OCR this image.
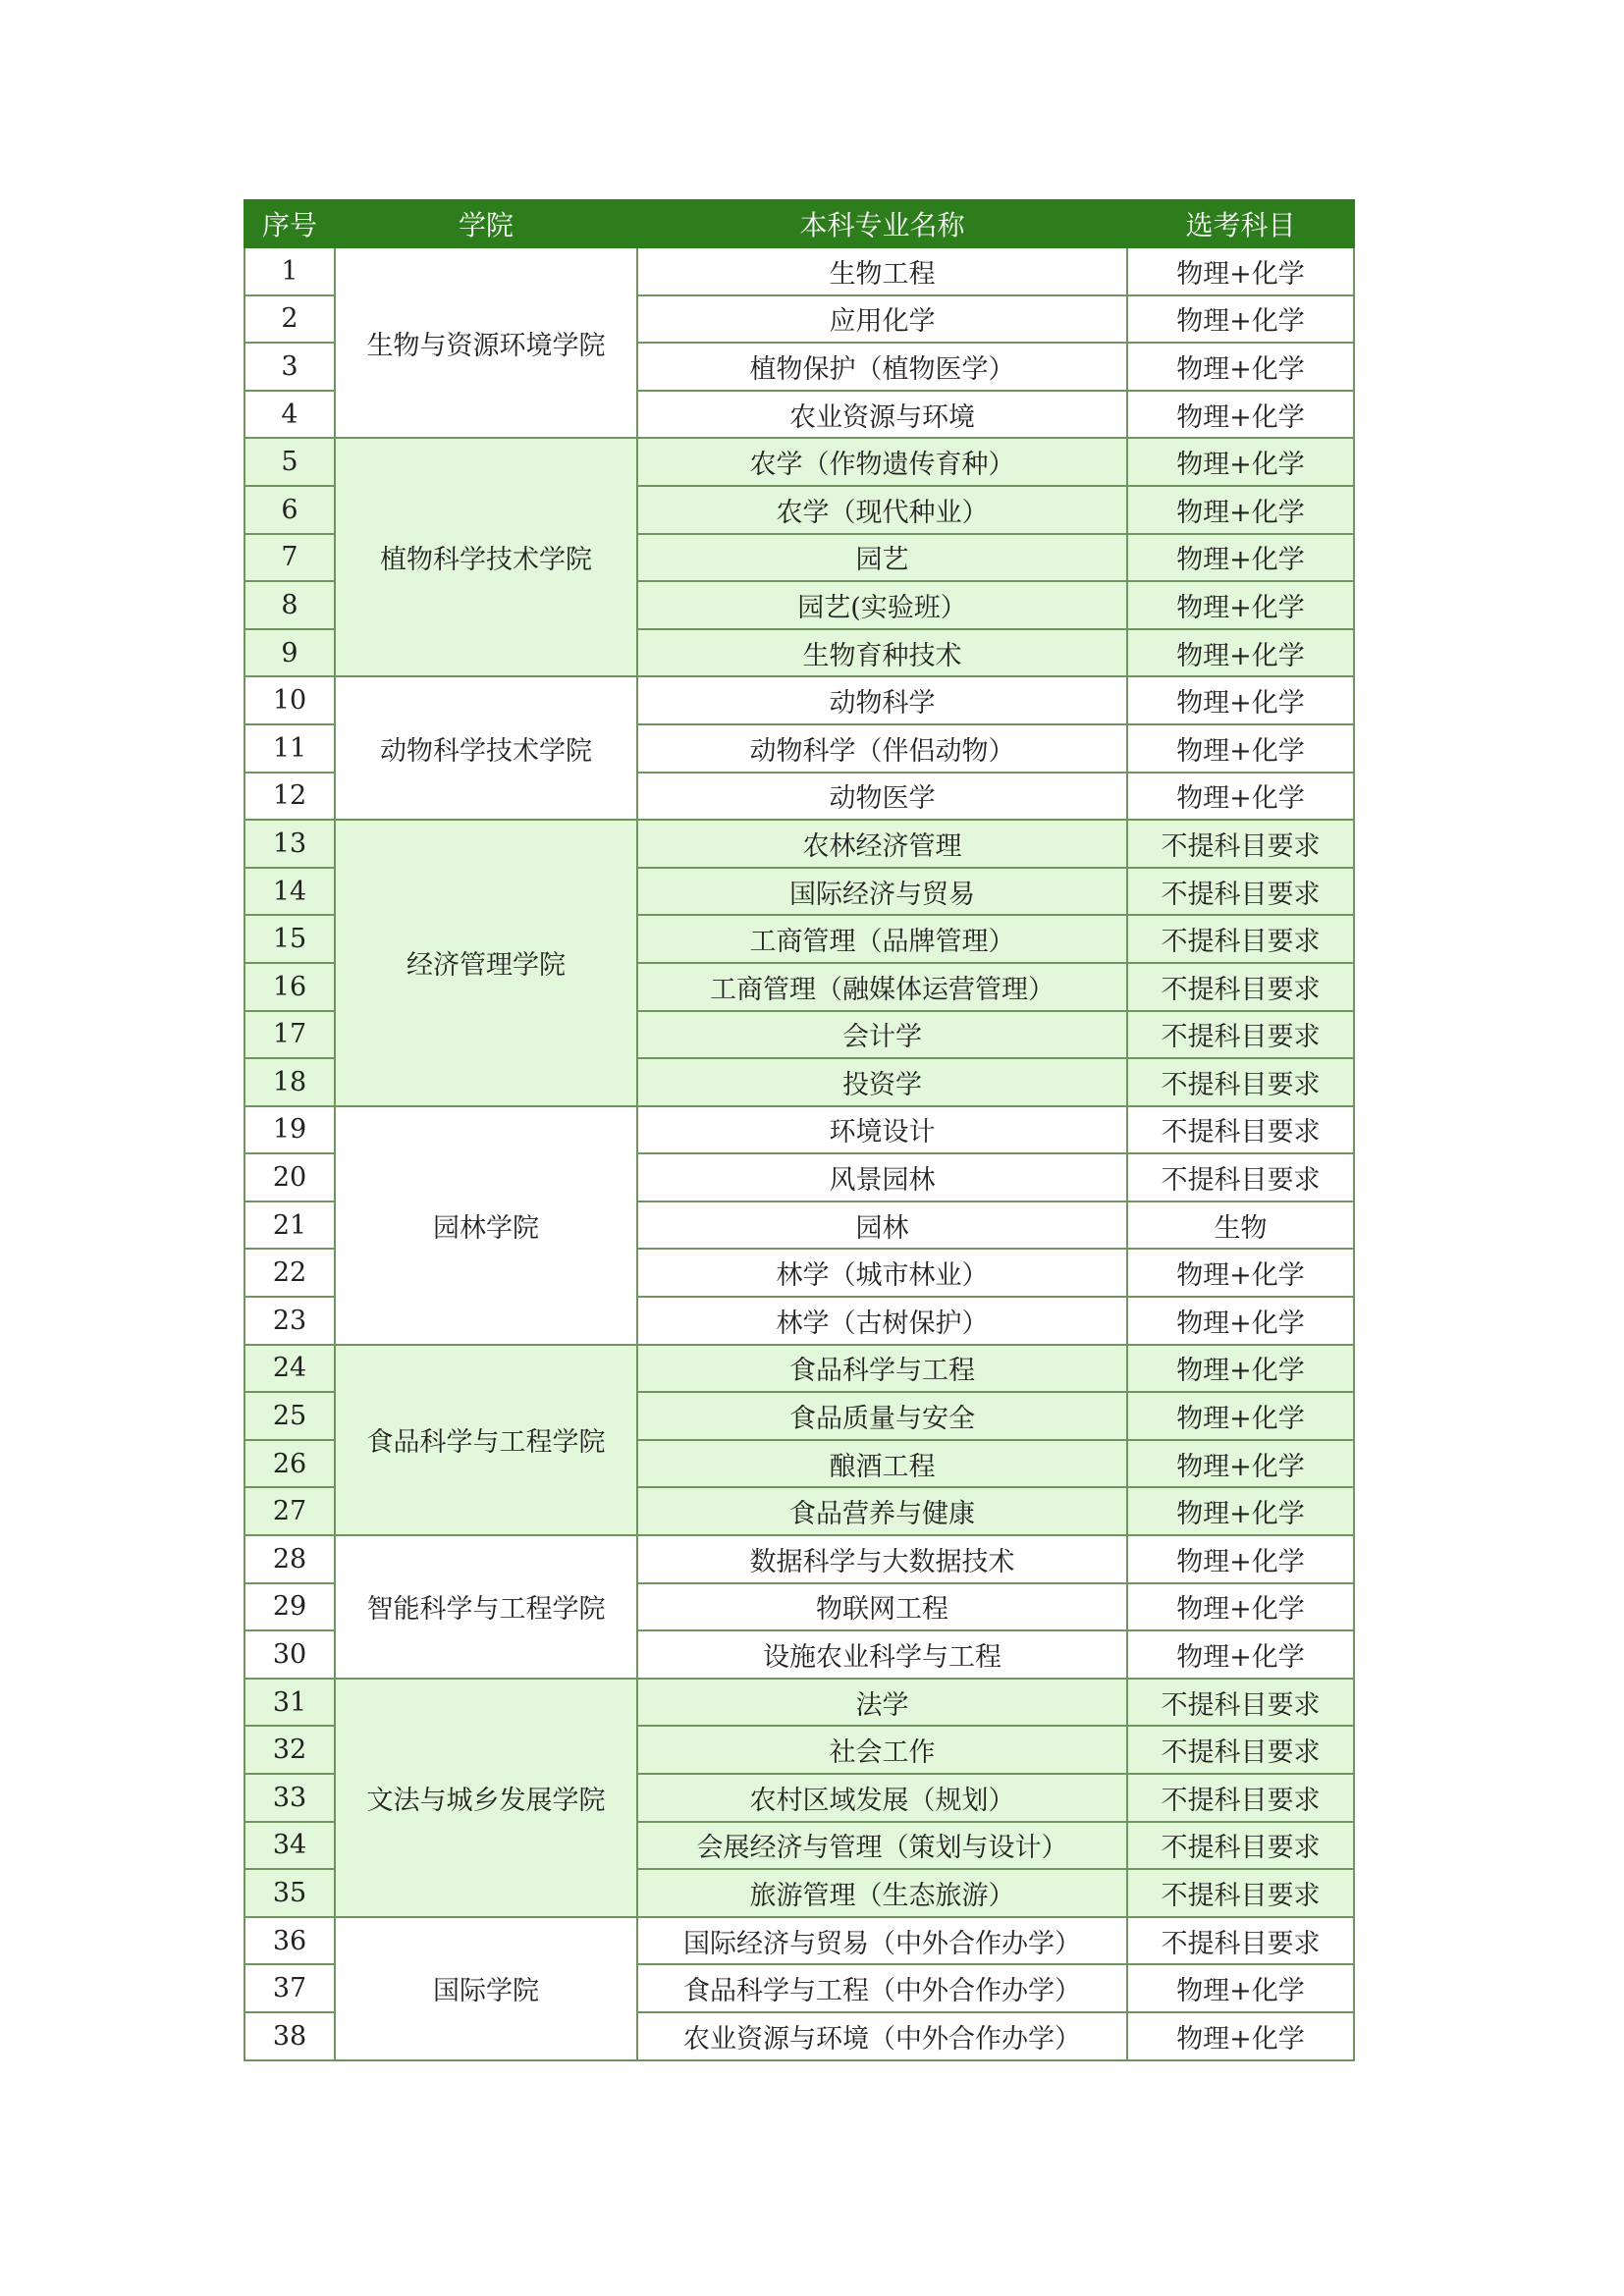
序号	学院	本科专业名称	选考科目
1	生物与资源环境学院	生物工程	物理+化学
2		应用化学	物理+化学
3		植物保护（植物医学）	物理+化学
4		农业资源与环境	物理+化学
5	植物科学技术学院	农学（作物遗传育种）	物理+化学
6		农学（现代种业）	物理+化学
7		园艺	物理+化学
8		园艺(实验班）	物理+化学
9		生物育种技术	物理+化学
10	动物科学技术学院	动物科学	物理+化学
11		动物科学（伴侣动物）	物理+化学
12		动物医学	物理+化学
13	经济管理学院	农林经济管理	不提科目要求
14		国际经济与贸易	不提科目要求
15		工商管理（品牌管理）	不提科目要求
16		工商管理（融媒体运营管理）	不提科目要求
17		会计学	不提科目要求
18		投资学	不提科目要求
19	园林学院	环境设计	不提科目要求
20		风景园林	不提科目要求
21		园林	生物
22		林学（城市林业）	物理+化学
23		林学（古树保护）	物理+化学
24	食品科学与工程学院	食品科学与工程	物理+化学
25		食品质量与安全	物理+化学
26		酿酒工程	物理+化学
27		食品营养与健康	物理+化学
28	智能科学与工程学院	数据科学与大数据技术	物理+化学
29		物联网工程	物理+化学
30		设施农业科学与工程	物理+化学
31	文法与城乡发展学院	法学	不提科目要求
32		社会工作	不提科目要求
33		农村区域发展（规划）	不提科目要求
34		会展经济与管理（策划与设计）	不提科目要求
35		旅游管理（生态旅游）	不提科目要求
36	国际学院	国际经济与贸易（中外合作办学）	不提科目要求
37		食品科学与工程（中外合作办学）	物理+化学
38		农业资源与环境（中外合作办学）	物理+化学
